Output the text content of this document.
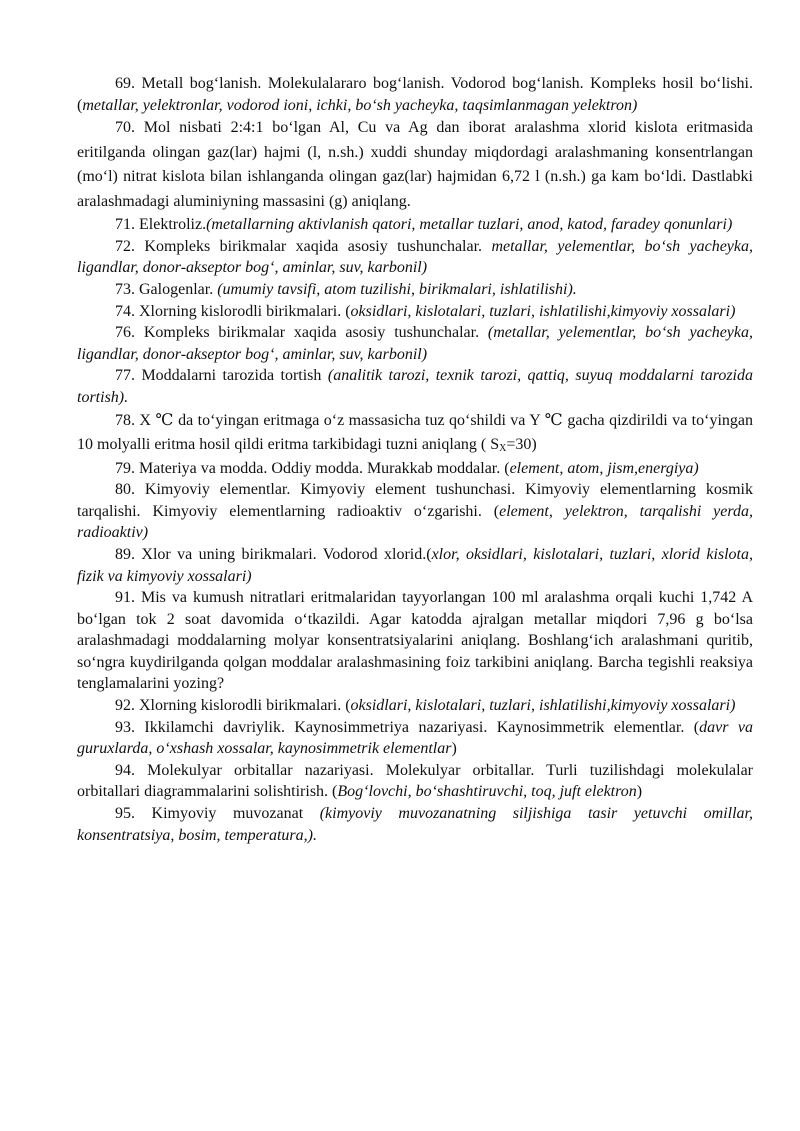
69. Metall bog‘lanish. Molekulalararo bog‘lanish. Vodorod bog‘lanish. Kompleks hosil bo‘lishi. (metallar, yelektronlar, vodorod ioni, ichki, bo‘sh yacheyka, taqsimlanmagan yelektron)

70. Mol nisbati 2:4:1 bo‘lgan Al, Cu va Ag dan iborat aralashma xlorid kislota eritmasida eritilganda olingan gaz(lar) hajmi (l, n.sh.) xuddi shunday miqdordagi aralashmaning konsentrlangan (mo‘l) nitrat kislota bilan ishlanganda olingan gaz(lar) hajmidan 6,72 l (n.sh.) ga kam bo‘ldi. Dastlabki aralashmadagi aluminiyning massasini (g) aniqlang.

71. Elektroliz.(metallarning aktivlanish qatori, metallar tuzlari, anod, katod, faradey qonunlari)

72. Kompleks birikmalar xaqida asosiy tushunchalar. metallar, yelementlar, bo‘sh yacheyka, ligandlar, donor-akseptor bog‘, aminlar, suv, karbonil)

73. Galogenlar. (umumiy tavsifi, atom tuzilishi, birikmalari, ishlatilishi).

74. Xlorning kislorodli birikmalari. (oksidlari, kislotalari, tuzlari, ishlatilishi,kimyoviy xossalari)

76. Kompleks birikmalar xaqida asosiy tushunchalar. (metallar, yelementlar, bo‘sh yacheyka, ligandlar, donor-akseptor bog‘, aminlar, suv, karbonil)

77. Moddalarni tarozida tortish (analitik tarozi, texnik tarozi, qattiq, suyuq moddalarni tarozida tortish).

78. X ℃ da to‘yingan eritmaga o‘z massasicha tuz qo‘shildi va Y ℃ gacha qizdirildi va to‘yingan 10 molyalli eritma hosil qildi eritma tarkibidagi tuzni aniqlang ( $S_X=30$)

79. Materiya va modda. Oddiy modda. Murakkab moddalar. (element, atom, jism,energiya)

80. Kimyoviy elementlar. Kimyoviy element tushunchasi. Kimyoviy elementlarning kosmik tarqalishi. Kimyoviy elementlarning radioaktiv o‘zgarishi. (element, yelektron, tarqalishi yerda, radioaktiv)

89. Xlor va uning birikmalari. Vodorod xlorid.(xlor, oksidlari, kislotalari, tuzlari, xlorid kislota, fizik va kimyoviy xossalari)

91. Mis va kumush nitratlari eritmalaridan tayyorlangan 100 ml aralashma orqali kuchi 1,742 A bo‘lgan tok 2 soat davomida o‘tkazildi. Agar katodda ajralgan metallar miqdori 7,96 g bo‘lsa aralashmadagi moddalarning molyar konsentratsiyalarini aniqlang. Boshlang‘ich aralashmani quritib, so‘ngra kuydirilganda qolgan moddalar aralashmasining foiz tarkibini aniqlang. Barcha tegishli reaksiya tenglamalarini yozing?

92. Xlorning kislorodli birikmalari. (oksidlari, kislotalari, tuzlari, ishlatilishi,kimyoviy xossalari)

93. Ikkilamchi davriylik. Kaynosimmetriya nazariyasi. Kaynosimmetrik elementlar. (davr va guruxlarda, o‘xshash xossalar, kaynosimmetrik elementlar)

94. Molekulyar orbitallar nazariyasi. Molekulyar orbitallar. Turli tuzilishdagi molekulalar orbitallari diagrammalarini solishtirish. (Bog‘lovchi, bo‘shashtiruvchi, toq, juft elektron)

95. Kimyoviy muvozanat (kimyoviy muvozanatning siljishiga tasir yetuvchi omillar, konsentratsiya, bosim, temperatura,).
